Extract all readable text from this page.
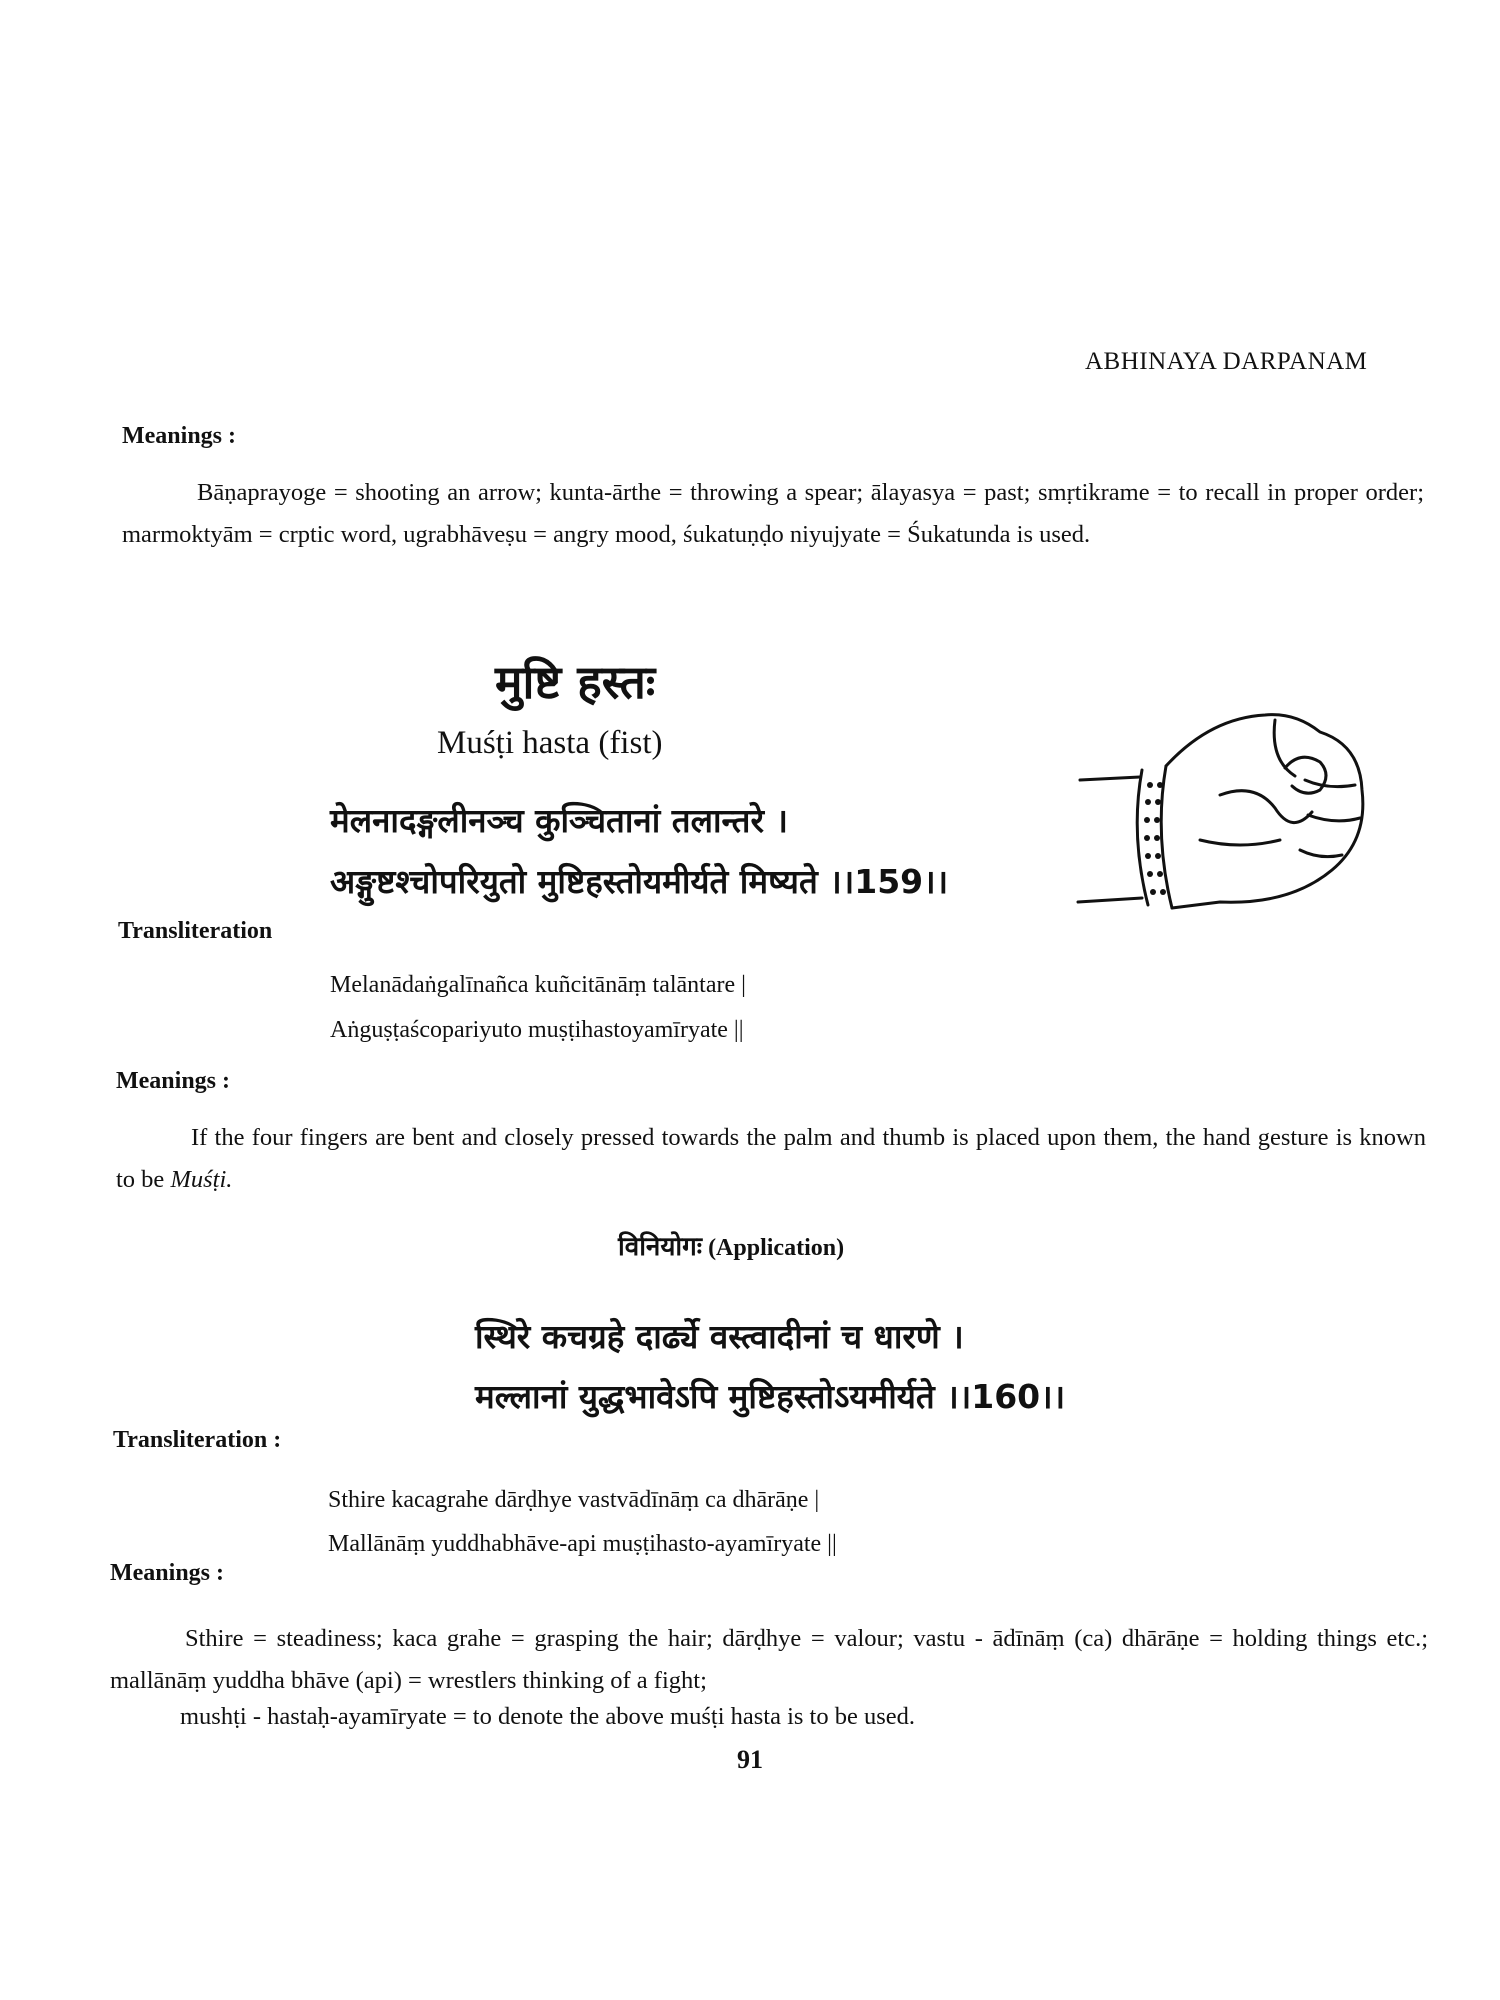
ABHINAYA DARPANAM
Meanings :

Bāṇaprayoge = shooting an arrow; kunta-ārthe = throwing a spear; ālayasya = past; smṛtikrame = to recall in proper order; marmoktyām = crptic word, ugrabhāveṣu = angry mood, śukatuṇḍo niyujyate = Śukatunda is used.

मुष्टि हस्तः
Muśṭi hasta (fist)
मेलनादङ्गलीनञ्च कुञ्चितानां तलान्तरे ।
अङ्गुष्टश्चोपरियुतो मुष्टिहस्तोयमीर्यते मिष्यते ।।159।।
Transliteration
Melanādaṅgalīnañca kuñcitānāṃ talāntare |
Aṅguṣṭaścopariyuto muṣṭihastoyamīryate ||
Meanings :

If the four fingers are bent and closely pressed towards the palm and thumb is placed upon them, the hand gesture is known to be Muśṭi.

विनियोगः (Application)
स्थिरे कचग्रहे दार्ढ्ये वस्त्वादीनां च धारणे ।
मल्लानां युद्धभावेऽपि मुष्टिहस्तोऽयमीर्यते ।।160।।
Transliteration :
Sthire kacagrahe dārḍhye vastvādīnāṃ ca dhārāṇe |
Mallānāṃ yuddhabhāve-api muṣṭihasto-ayamīryate ||
Meanings :

Sthire = steadiness; kaca grahe = grasping the hair; dārḍhye = valour; vastu - ādīnāṃ (ca) dhārāṇe = holding things etc.; mallānāṃ yuddha bhāve (api) = wrestlers thinking of a fight;

mushṭi - hastaḥ-ayamīryate = to denote the above muśṭi hasta is to be used.
91
